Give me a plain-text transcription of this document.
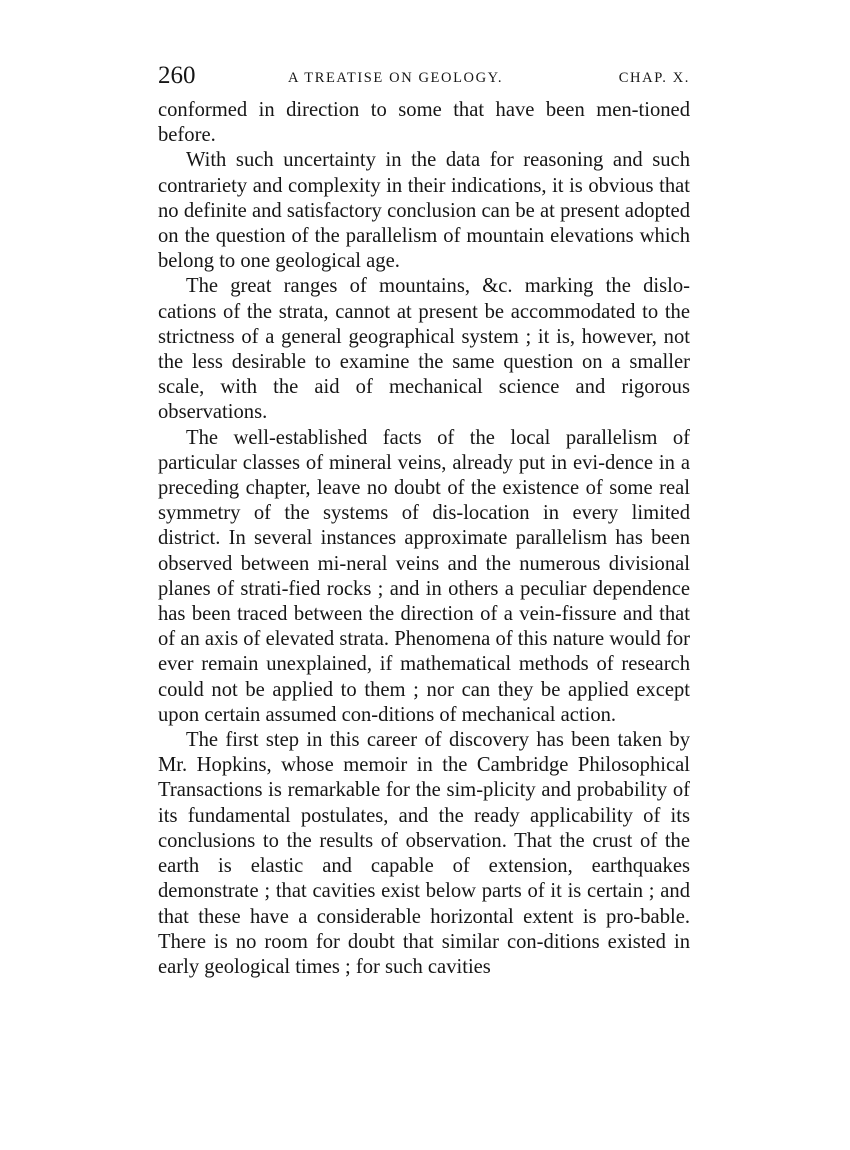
260	A TREATISE ON GEOLOGY.	CHAP. X.

conformed in direction to some that have been men-tioned before.

With such uncertainty in the data for reasoning and such contrariety and complexity in their indications, it is obvious that no definite and satisfactory conclusion can be at present adopted on the question of the parallelism of mountain elevations which belong to one geological age.

The great ranges of mountains, &c. marking the dislo-cations of the strata, cannot at present be accommodated to the strictness of a general geographical system ; it is, however, not the less desirable to examine the same question on a smaller scale, with the aid of mechanical science and rigorous observations.

The well-established facts of the local parallelism of particular classes of mineral veins, already put in evi-dence in a preceding chapter, leave no doubt of the existence of some real symmetry of the systems of dis-location in every limited district. In several instances approximate parallelism has been observed between mi-neral veins and the numerous divisional planes of strati-fied rocks ; and in others a peculiar dependence has been traced between the direction of a vein-fissure and that of an axis of elevated strata. Phenomena of this nature would for ever remain unexplained, if mathematical methods of research could not be applied to them ; nor can they be applied except upon certain assumed con-ditions of mechanical action.

The first step in this career of discovery has been taken by Mr. Hopkins, whose memoir in the Cambridge Philosophical Transactions is remarkable for the sim-plicity and probability of its fundamental postulates, and the ready applicability of its conclusions to the results of observation. That the crust of the earth is elastic and capable of extension, earthquakes demonstrate ; that cavities exist below parts of it is certain ; and that these have a considerable horizontal extent is pro-bable. There is no room for doubt that similar con-ditions existed in early geological times ; for such cavities
